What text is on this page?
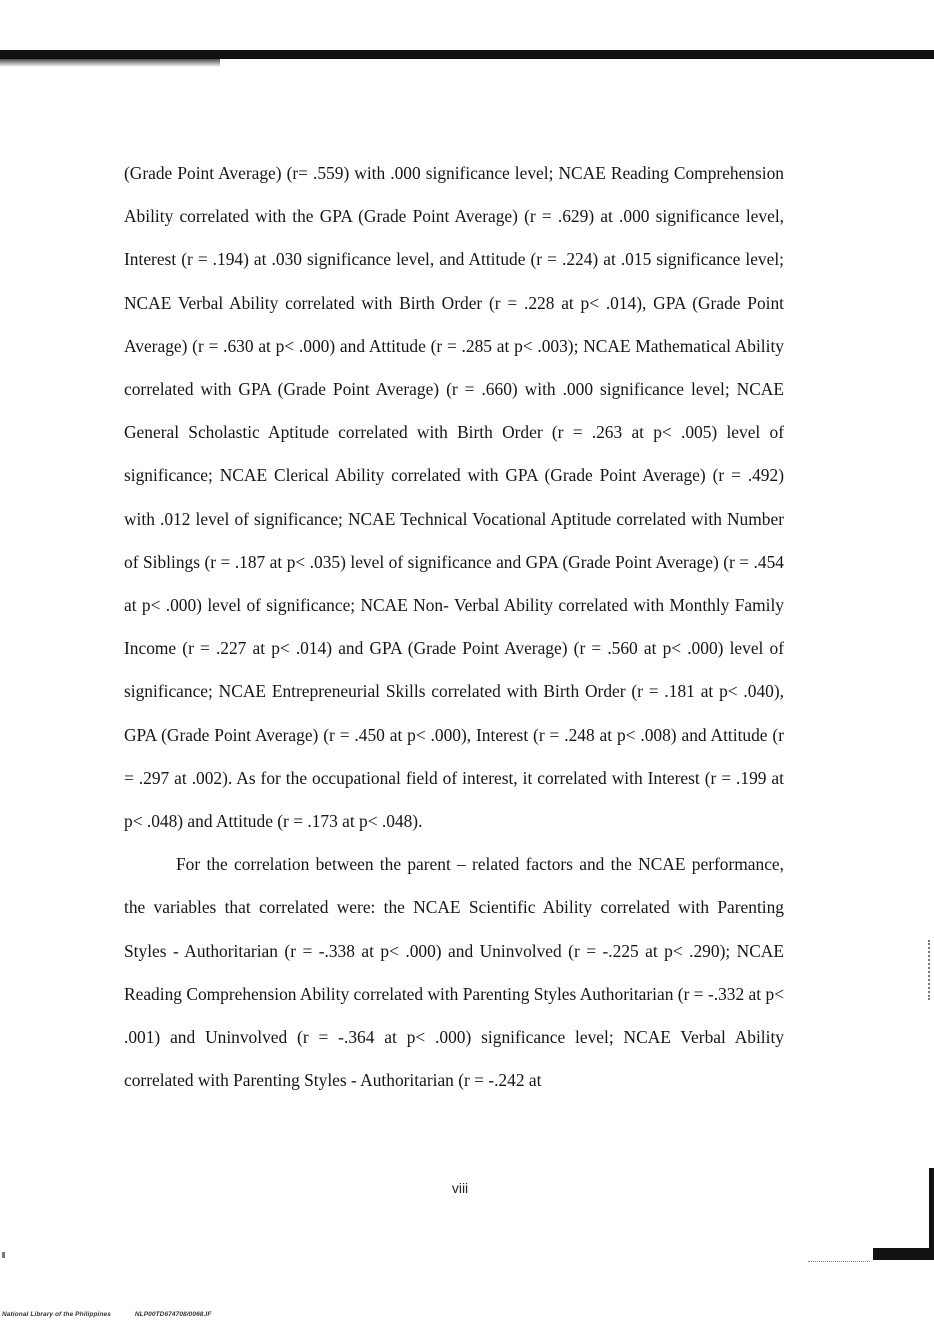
(Grade Point Average) (r= .559) with .000 significance level; NCAE Reading Comprehension Ability correlated with the GPA (Grade Point Average) (r = .629) at .000 significance level, Interest (r = .194) at .030 significance level, and Attitude (r = .224) at .015 significance level; NCAE Verbal Ability correlated with Birth Order (r = .228 at p< .014), GPA (Grade Point Average) (r = .630 at p< .000) and Attitude (r = .285 at p< .003); NCAE Mathematical Ability correlated with GPA (Grade Point Average) (r = .660) with .000 significance level; NCAE General Scholastic Aptitude correlated with Birth Order (r = .263 at p< .005) level of significance; NCAE Clerical Ability correlated with GPA (Grade Point Average) (r = .492) with .012 level of significance; NCAE Technical Vocational Aptitude correlated with Number of Siblings (r = .187 at p< .035) level of significance and GPA (Grade Point Average) (r = .454 at p< .000) level of significance; NCAE Non- Verbal Ability correlated with Monthly Family Income (r = .227 at p< .014) and GPA (Grade Point Average) (r = .560 at p< .000) level of significance; NCAE Entrepreneurial Skills correlated with Birth Order (r = .181 at p< .040), GPA (Grade Point Average) (r = .450 at p< .000), Interest (r = .248 at p< .008) and Attitude (r = .297 at .002). As for the occupational field of interest, it correlated with Interest (r = .199 at p< .048) and Attitude (r = .173 at p< .048).

For the correlation between the parent – related factors and the NCAE performance, the variables that correlated were: the NCAE Scientific Ability correlated with Parenting Styles - Authoritarian (r = -.338 at p< .000) and Uninvolved (r = -.225 at p< .290); NCAE Reading Comprehension Ability correlated with Parenting Styles Authoritarian (r = -.332 at p< .001) and Uninvolved (r = -.364 at p< .000) significance level; NCAE Verbal Ability correlated with Parenting Styles - Authoritarian (r = -.242 at

viii
National Library of the Philippines	NLP00TD674708/0068.IF
